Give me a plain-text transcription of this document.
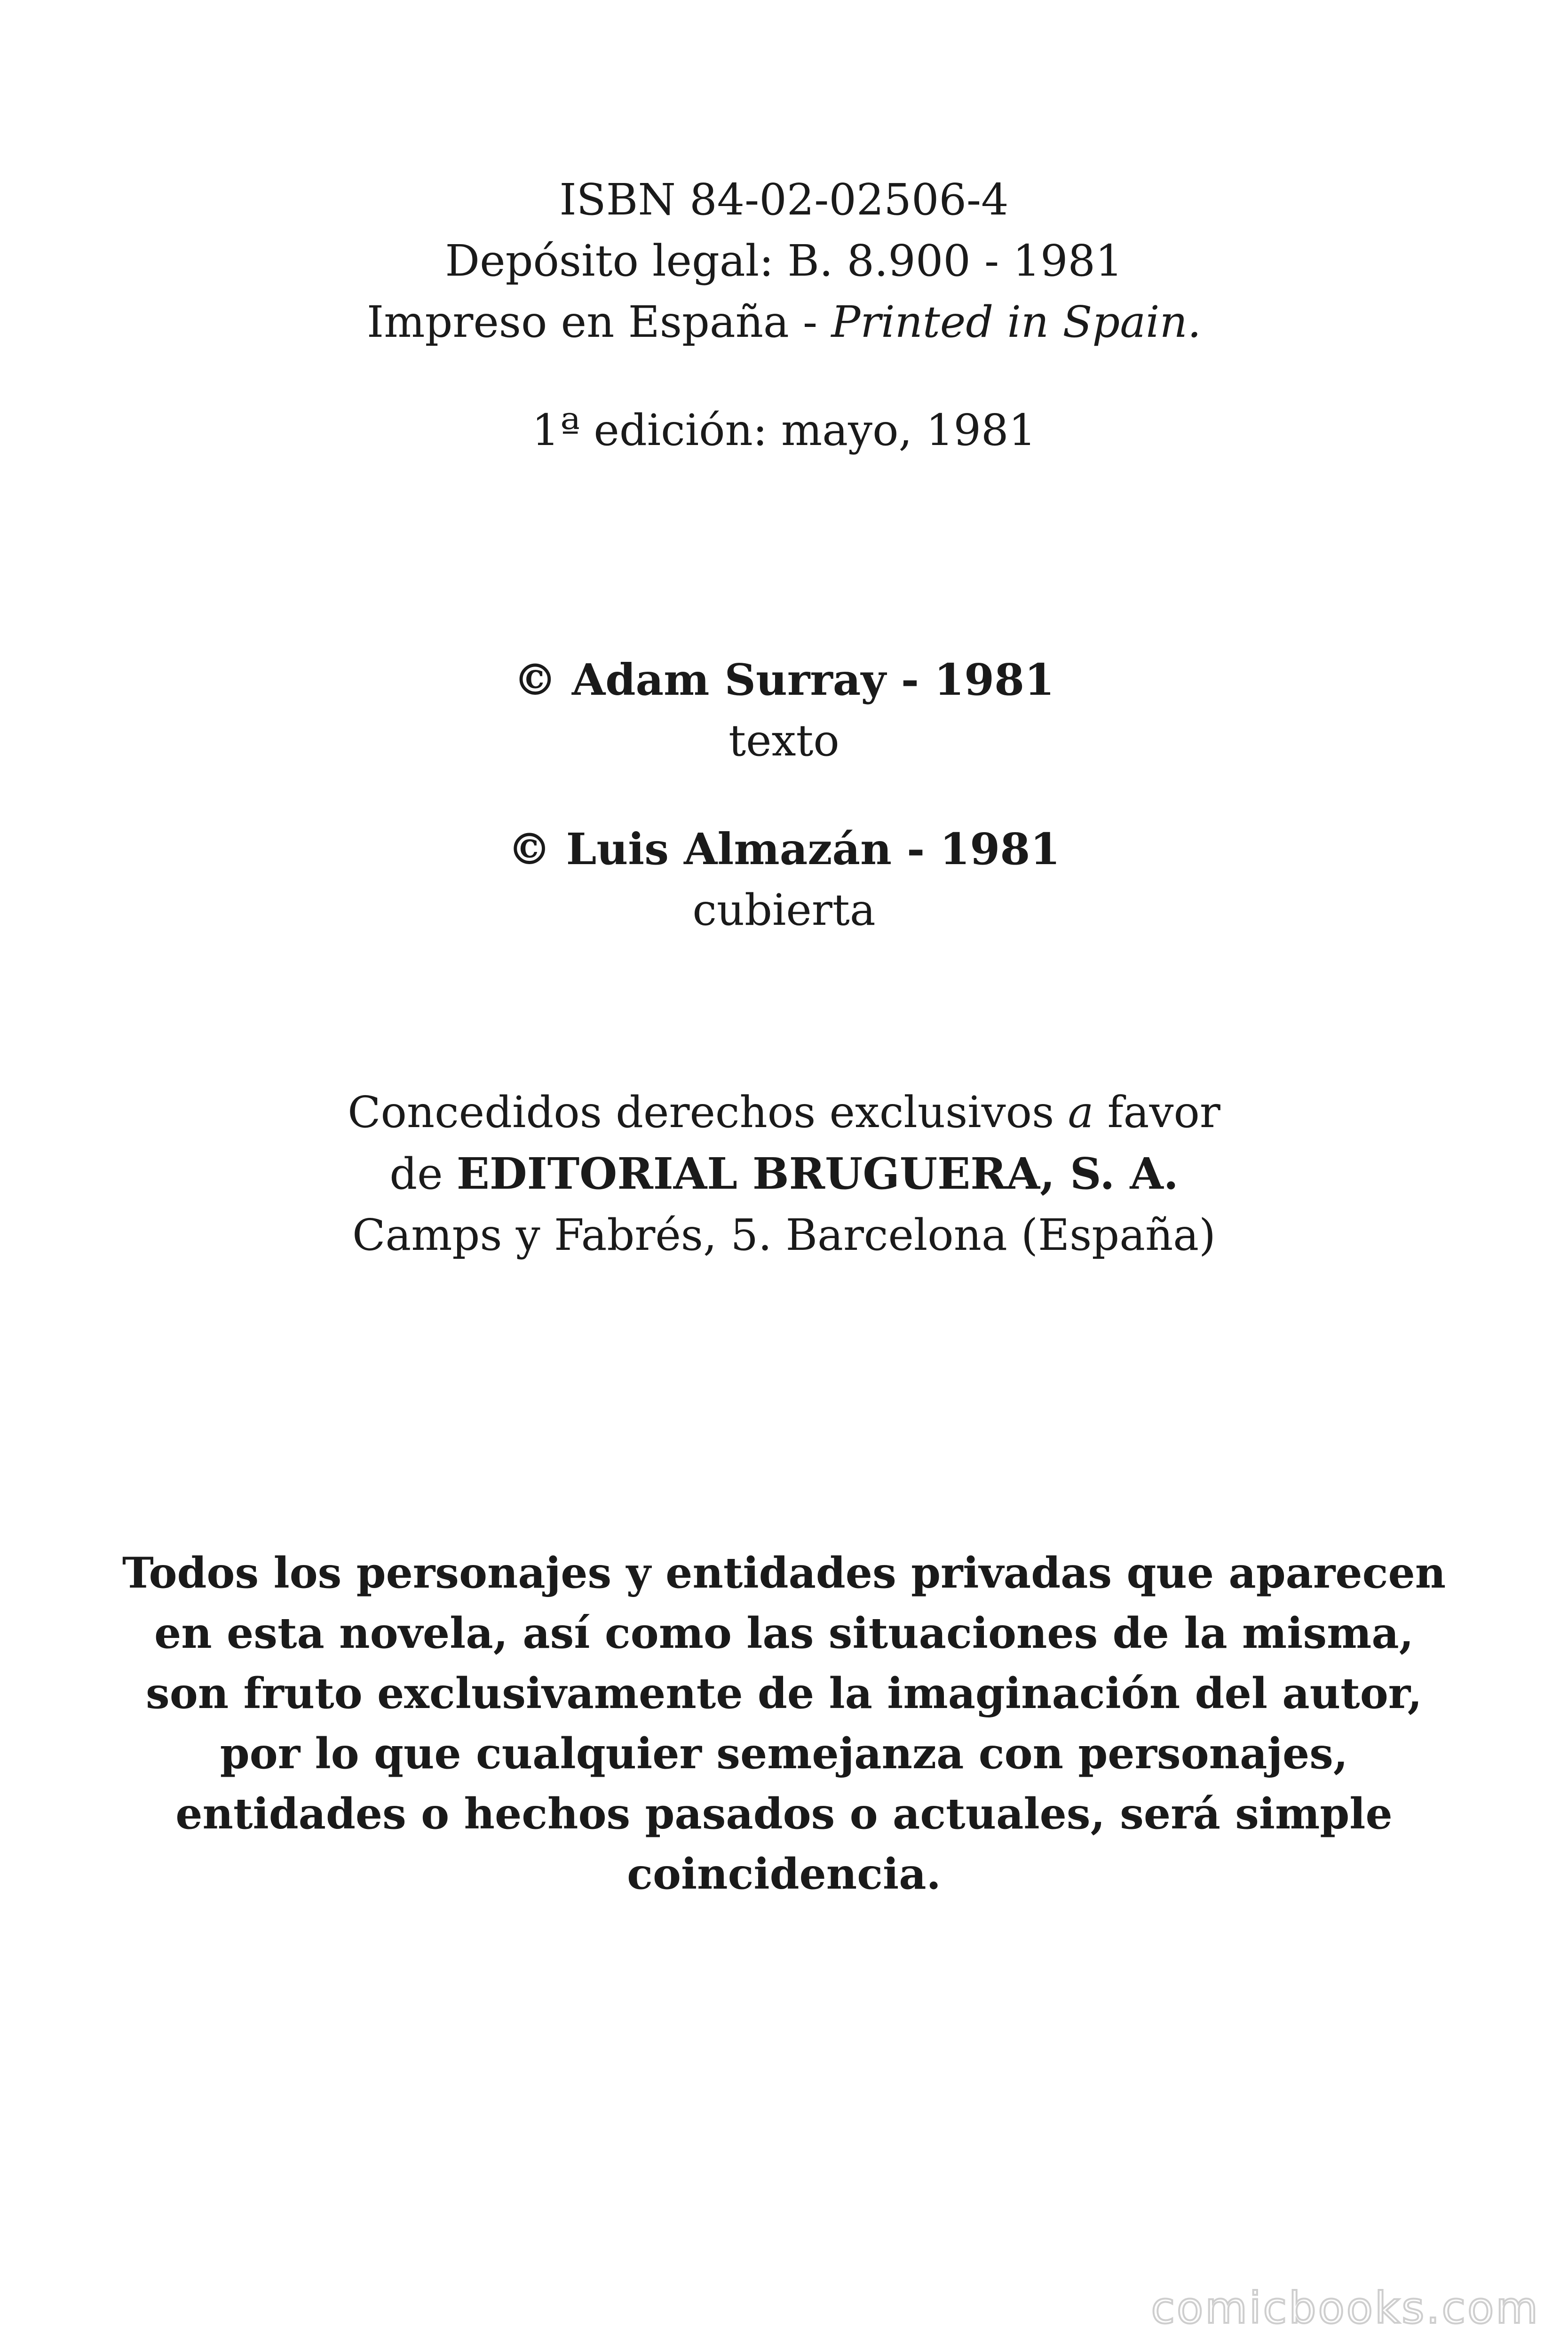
ISBN 84-02-02506-4
Depósito legal: B. 8.900 - 1981
Impreso en España - Printed in Spain.
1ª edición: mayo, 1981
© Adam Surray - 1981
texto
© Luis Almazán - 1981
cubierta
Concedidos derechos exclusivos a favor
de EDITORIAL BRUGUERA, S. A.
Camps y Fabrés, 5. Barcelona (España)
Todos los personajes y entidades privadas que aparecen
en esta novela, así como las situaciones de la misma,
son fruto exclusivamente de la imaginación del autor,
por lo que cualquier semejanza con personajes,
entidades o hechos pasados o actuales, será simple
coincidencia.
comicbooks.com
